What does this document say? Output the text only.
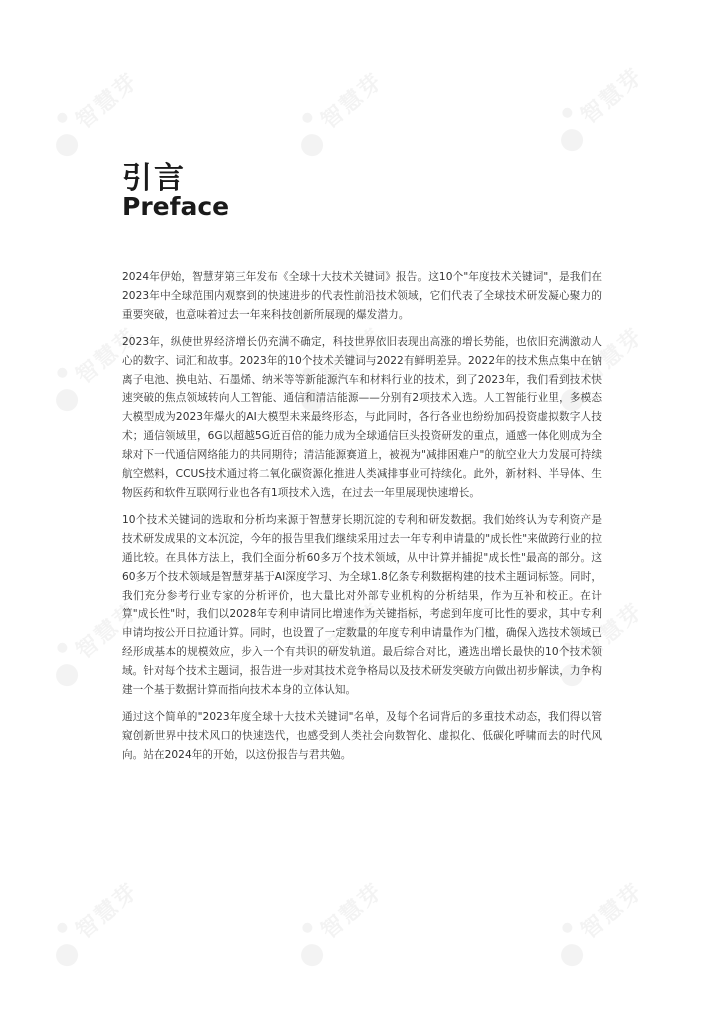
智慧芽	智慧芽	智慧芽
智慧芽	智慧芽	智慧芽
智慧芽	智慧芽	智慧芽
智慧芽	智慧芽	智慧芽
引言
Preface

2024年伊始，智慧芽第三年发布《全球十大技术关键词》报告。这10个"年度技术关键词"，是我们在2023年中全球范围内观察到的快速进步的代表性前沿技术领域，它们代表了全球技术研发凝心聚力的重要突破，也意味着过去一年来科技创新所展现的爆发潜力。

2023年，纵使世界经济增长仍充满不确定，科技世界依旧表现出高涨的增长势能，也依旧充满激动人心的数字、词汇和故事。2023年的10个技术关键词与2022有鲜明差异。2022年的技术焦点集中在钠离子电池、换电站、石墨烯、纳米等等新能源汽车和材料行业的技术，到了2023年，我们看到技术快速突破的焦点领域转向人工智能、通信和清洁能源——分别有2项技术入选。人工智能行业里，多模态大模型成为2023年爆火的AI大模型未来最终形态，与此同时，各行各业也纷纷加码投资虚拟数字人技术；通信领域里，6G以超越5G近百倍的能力成为全球通信巨头投资研发的重点，通感一体化则成为全球对下一代通信网络能力的共同期待；清洁能源赛道上，被视为"减排困难户"的航空业大力发展可持续航空燃料，CCUS技术通过将二氧化碳资源化推进人类减排事业可持续化。此外，新材料、半导体、生物医药和软件互联网行业也各有1项技术入选，在过去一年里展现快速增长。

10个技术关键词的选取和分析均来源于智慧芽长期沉淀的专利和研发数据。我们始终认为专利资产是技术研发成果的文本沉淀，今年的报告里我们继续采用过去一年专利申请量的"成长性"来做跨行业的拉通比较。在具体方法上，我们全面分析60多万个技术领域，从中计算并捕捉"成长性"最高的部分。这60多万个技术领域是智慧芽基于AI深度学习、为全球1.8亿条专利数据构建的技术主题词标签。同时，我们充分参考行业专家的分析评价，也大量比对外部专业机构的分析结果，作为互补和校正。在计算"成长性"时，我们以2028年专利申请同比增速作为关键指标，考虑到年度可比性的要求，其中专利申请均按公开日拉通计算。同时，也设置了一定数量的年度专利申请量作为门槛，确保入选技术领域已经形成基本的规模效应，步入一个有共识的研发轨道。最后综合对比，遴选出增长最快的10个技术领域。针对每个技术主题词，报告进一步对其技术竞争格局以及技术研发突破方向做出初步解读，力争构建一个基于数据计算而指向技术本身的立体认知。

通过这个简单的"2023年度全球十大技术关键词"名单，及每个名词背后的多重技术动态，我们得以管窥创新世界中技术风口的快速迭代，也感受到人类社会向数智化、虚拟化、低碳化呼啸而去的时代风向。站在2024年的开始，以这份报告与君共勉。
